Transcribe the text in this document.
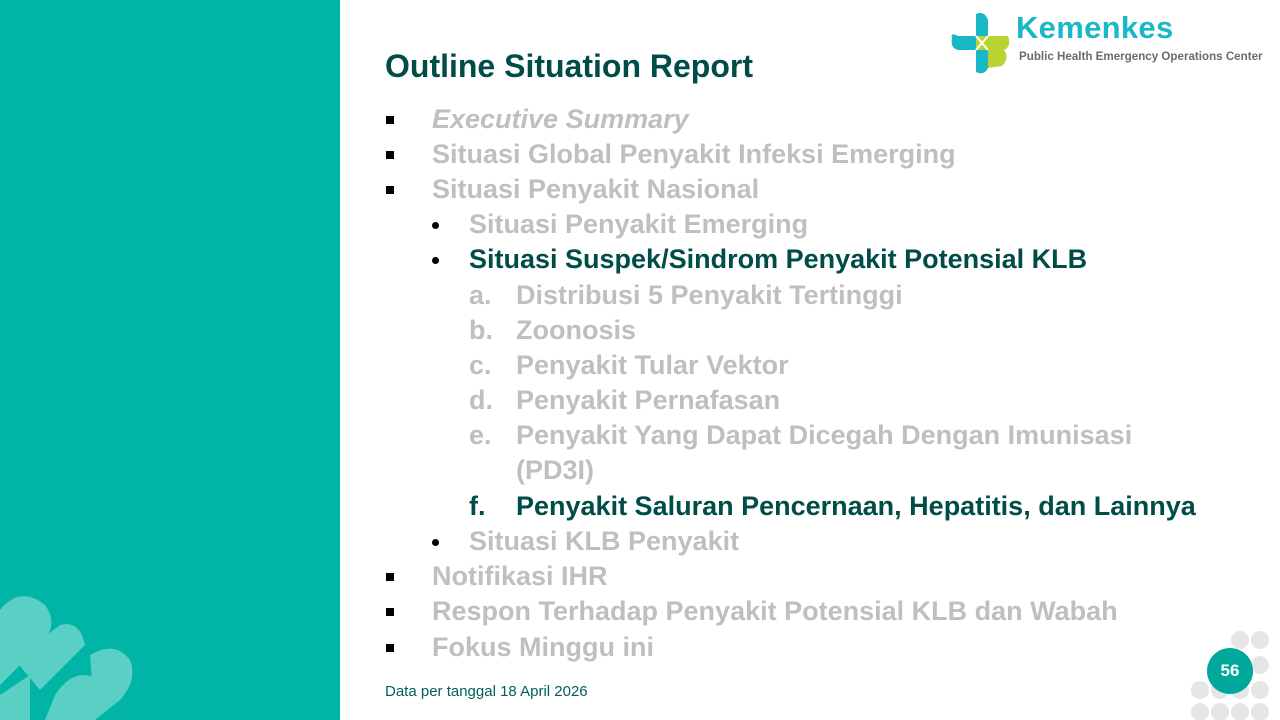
Kemenkes
Public Health Emergency Operations Center
Outline Situation Report
Executive Summary
Situasi Global Penyakit Infeksi Emerging
Situasi Penyakit Nasional
Situasi Penyakit Emerging
Situasi Suspek/Sindrom Penyakit Potensial KLB
a. Distribusi 5 Penyakit Tertinggi
b. Zoonosis
c. Penyakit Tular Vektor
d. Penyakit Pernafasan
e. Penyakit Yang Dapat Dicegah Dengan Imunisasi
(PD3I)
f. Penyakit Saluran Pencernaan, Hepatitis, dan Lainnya
Situasi KLB Penyakit
Notifikasi IHR
Respon Terhadap Penyakit Potensial KLB dan Wabah
Fokus Minggu ini
Data per tanggal 18 April 2026
56
